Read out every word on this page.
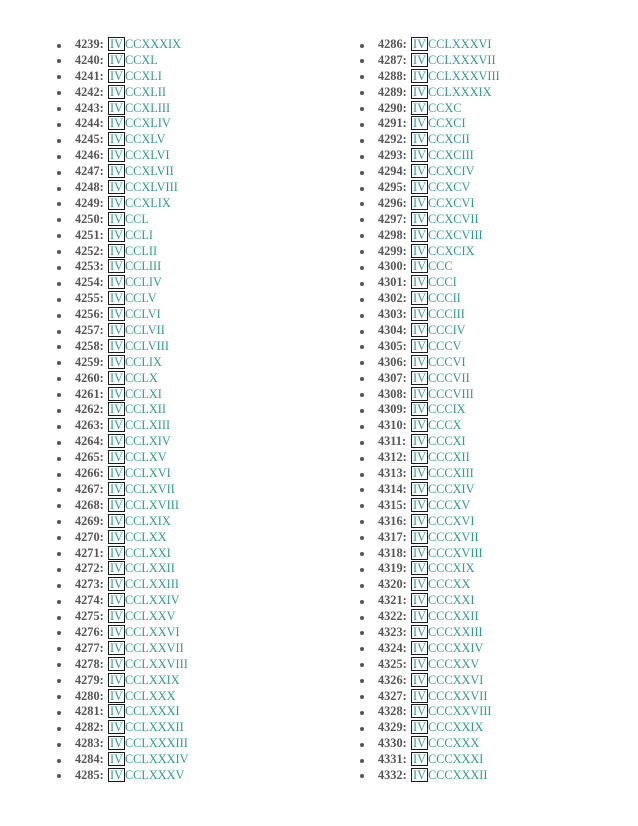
4239: IV CCXXXIX
4240: IV CCXL
4241: IV CCXLI
4242: IV CCXLII
4243: IV CCXLIII
4244: IV CCXLIV
4245: IV CCXLV
4246: IV CCXLVI
4247: IV CCXLVII
4248: IV CCXLVIII
4249: IV CCXLIX
4250: IV CCL
4251: IV CCLI
4252: IV CCLII
4253: IV CCLIII
4254: IV CCLIV
4255: IV CCLV
4256: IV CCLVI
4257: IV CCLVII
4258: IV CCLVIII
4259: IV CCLIX
4260: IV CCLX
4261: IV CCLXI
4262: IV CCLXII
4263: IV CCLXIII
4264: IV CCLXIV
4265: IV CCLXV
4266: IV CCLXVI
4267: IV CCLXVII
4268: IV CCLXVIII
4269: IV CCLXIX
4270: IV CCLXX
4271: IV CCLXXI
4272: IV CCLXXII
4273: IV CCLXXIII
4274: IV CCLXXIV
4275: IV CCLXXV
4276: IV CCLXXVI
4277: IV CCLXXVII
4278: IV CCLXXVIII
4279: IV CCLXXIX
4280: IV CCLXXX
4281: IV CCLXXXI
4282: IV CCLXXXII
4283: IV CCLXXXIII
4284: IV CCLXXXIV
4285: IV CCLXXXV
4286: IV CCLXXXVI
4287: IV CCLXXXVII
4288: IV CCLXXXVIII
4289: IV CCLXXXIX
4290: IV CCXC
4291: IV CCXCI
4292: IV CCXCII
4293: IV CCXCIII
4294: IV CCXCIV
4295: IV CCXCV
4296: IV CCXCVI
4297: IV CCXCVII
4298: IV CCXCVIII
4299: IV CCXCIX
4300: IV CCC
4301: IV CCCI
4302: IV CCCII
4303: IV CCCIII
4304: IV CCCIV
4305: IV CCCV
4306: IV CCCVI
4307: IV CCCVII
4308: IV CCCVIII
4309: IV CCCIX
4310: IV CCCX
4311: IV CCCXI
4312: IV CCCXII
4313: IV CCCXIII
4314: IV CCCXIV
4315: IV CCCXV
4316: IV CCCXVI
4317: IV CCCXVII
4318: IV CCCXVIII
4319: IV CCCXIX
4320: IV CCCXX
4321: IV CCCXXI
4322: IV CCCXXII
4323: IV CCCXXIII
4324: IV CCCXXIV
4325: IV CCCXXV
4326: IV CCCXXVI
4327: IV CCCXXVII
4328: IV CCCXXVIII
4329: IV CCCXXIX
4330: IV CCCXXX
4331: IV CCCXXXI
4332: IV CCCXXXII
